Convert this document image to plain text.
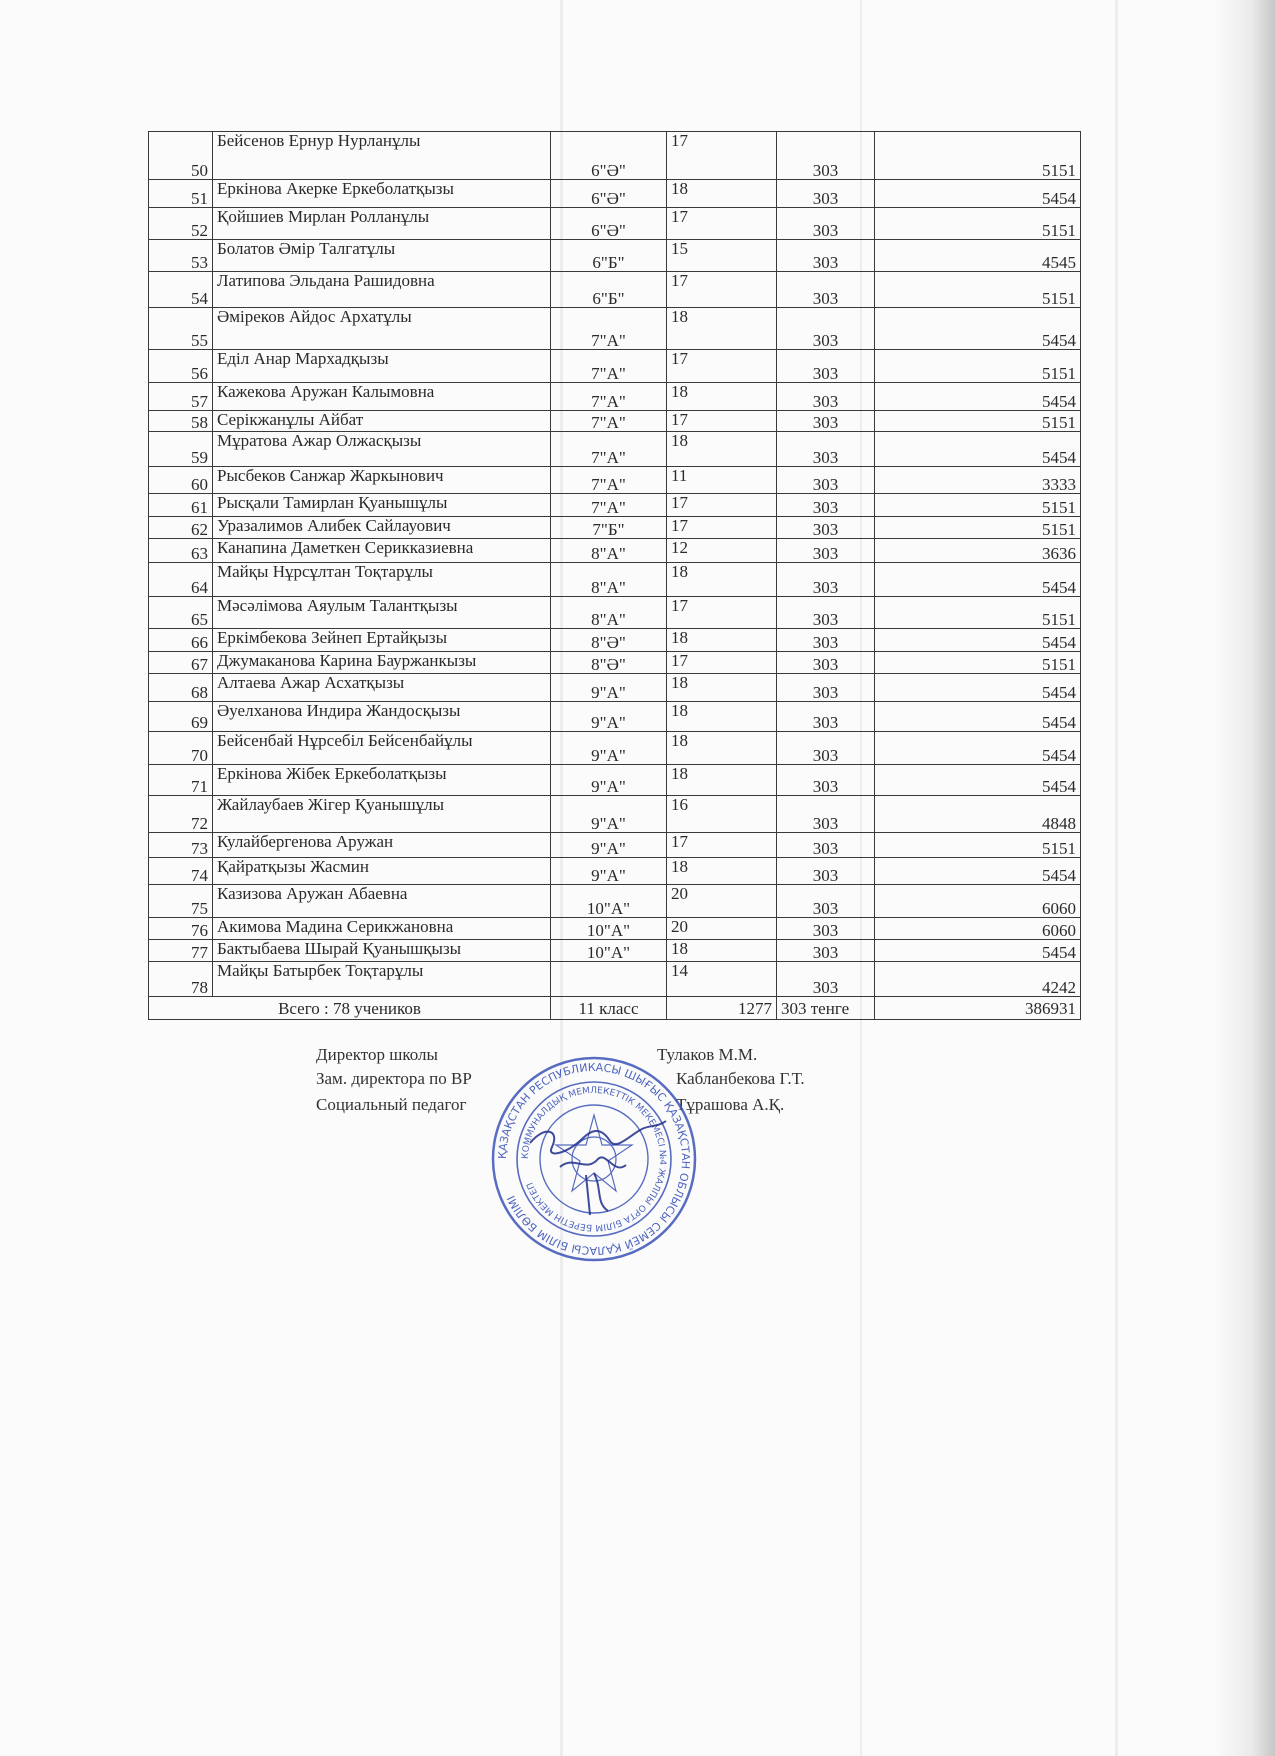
50	Бейсенов Ернур Нурланұлы	6"Ә"	17	303	5151
51	Еркінова Акерке Еркеболатқызы	6"Ә"	18	303	5454
52	Қойшиев Мирлан Ролланұлы	6"Ә"	17	303	5151
53	Болатов Әмір Талгатұлы	6"Б"	15	303	4545
54	Латипова Эльдана Рашидовна	6"Б"	17	303	5151
55	Әміреков Айдос Архатұлы	7"А"	18	303	5454
56	Еділ Анар Мархадқызы	7"А"	17	303	5151
57	Кажекова Аружан Калымовна	7"А"	18	303	5454
58	Серікжанұлы Айбат	7"А"	17	303	5151
59	Мұратова Ажар Олжасқызы	7"А"	18	303	5454
60	Рысбеков Санжар Жаркынович	7"А"	11	303	3333
61	Рысқали Тамирлан Қуанышұлы	7"А"	17	303	5151
62	Уразалимов Алибек Сайлауович	7"Б"	17	303	5151
63	Канапина Даметкен Серикказиевна	8"А"	12	303	3636
64	Майқы Нұрсұлтан Тоқтарұлы	8"А"	18	303	5454
65	Мәсәлімова Аяулым Талантқызы	8"А"	17	303	5151
66	Еркімбекова Зейнеп Ертайқызы	8"Ә"	18	303	5454
67	Джумаканова Карина Бауржанкызы	8"Ә"	17	303	5151
68	Алтаева Ажар Асхатқызы	9"А"	18	303	5454
69	Әуелханова Индира Жандосқызы	9"А"	18	303	5454
70	Бейсенбай Нұрсебіл Бейсенбайұлы	9"А"	18	303	5454
71	Еркінова Жібек Еркеболатқызы	9"А"	18	303	5454
72	Жайлаубаев Жігер Қуанышұлы	9"А"	16	303	4848
73	Кулайбергенова Аружан	9"А"	17	303	5151
74	Қайратқызы Жасмин	9"А"	18	303	5454
75	Казизова Аружан Абаевна	10"А"	20	303	6060
76	Акимова Мадина Серикжановна	10"А"	20	303	6060
77	Бактыбаева Шырай Қуанышқызы	10"А"	18	303	5454
78	Майқы Батырбек Тоқтарұлы		14	303	4242
Всего : 78 учеников		11 класс	1277	303 тенге	386931
Директор школы	Тулаков М.М.
Зам. директора по ВР	Кабланбекова Г.Т.
Социальный педагог	Тұрашова А.Қ.
ҚАЗАҚСТАН РЕСПУБЛИКАСЫ ШЫҒЫС ҚАЗАҚСТАН ОБЛЫСЫ СЕМЕЙ ҚАЛАСЫ БІЛІМ БӨЛІМІ
КОММУНАЛДЫҚ МЕМЛЕКЕТТІК МЕКЕМЕСІ №4 ЖАЛПЫ ОРТА БІЛІМ БЕРЕТІН МЕКТЕП
